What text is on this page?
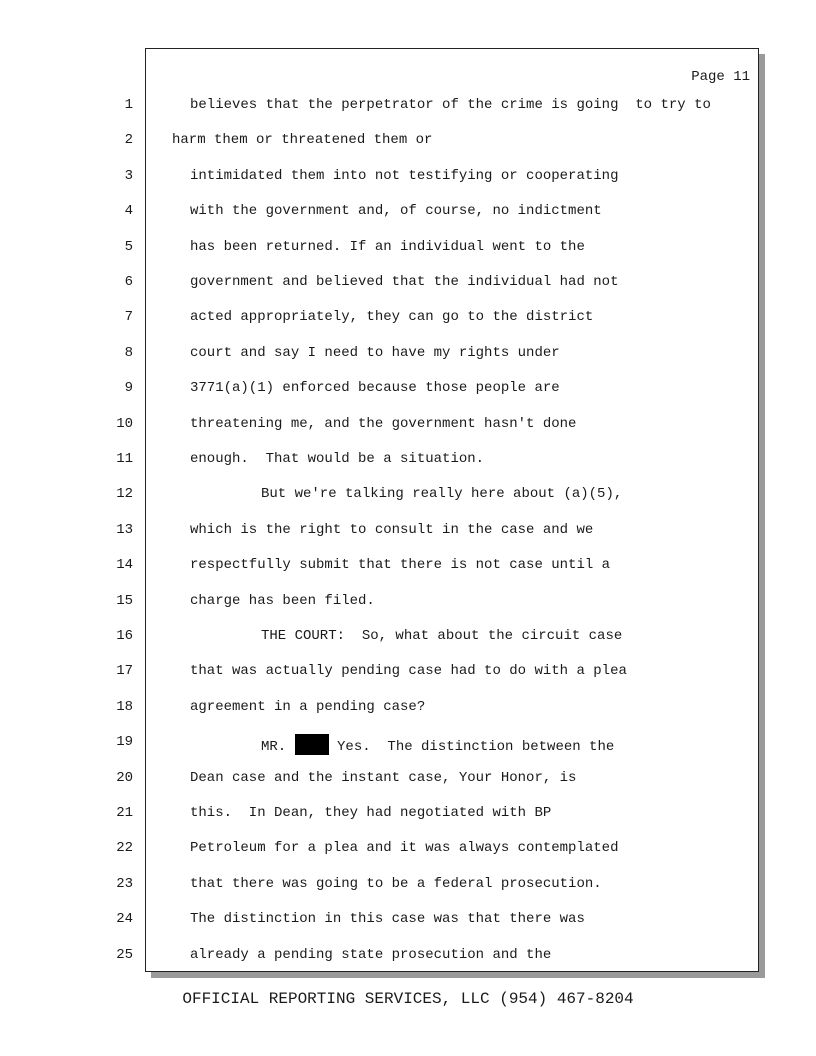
Page 11
1
2
3
4
5
6
7
8
9
10
11
12
13
14
15
16
17
18
19
20
21
22
23
24
25
believes that the perpetrator of the crime is going  to try to
harm them or threatened them or
intimidated them into not testifying or cooperating
with the government and, of course, no indictment
has been returned. If an individual went to the
government and believed that the individual had not
acted appropriately, they can go to the district
court and say I need to have my rights under
3771(a)(1) enforced because those people are
threatening me, and the government hasn't done
enough.  That would be a situation.
But we're talking really here about (a)(5),
which is the right to consult in the case and we
respectfully submit that there is not case until a
charge has been filed.
THE COURT:  So, what about the circuit case
that was actually pending case had to do with a plea
agreement in a pending case?
MR.  Yes.  The distinction between the
Dean case and the instant case, Your Honor, is
this.  In Dean, they had negotiated with BP
Petroleum for a plea and it was always contemplated
that there was going to be a federal prosecution.
The distinction in this case was that there was
already a pending state prosecution and the
OFFICIAL REPORTING SERVICES, LLC (954) 467-8204
